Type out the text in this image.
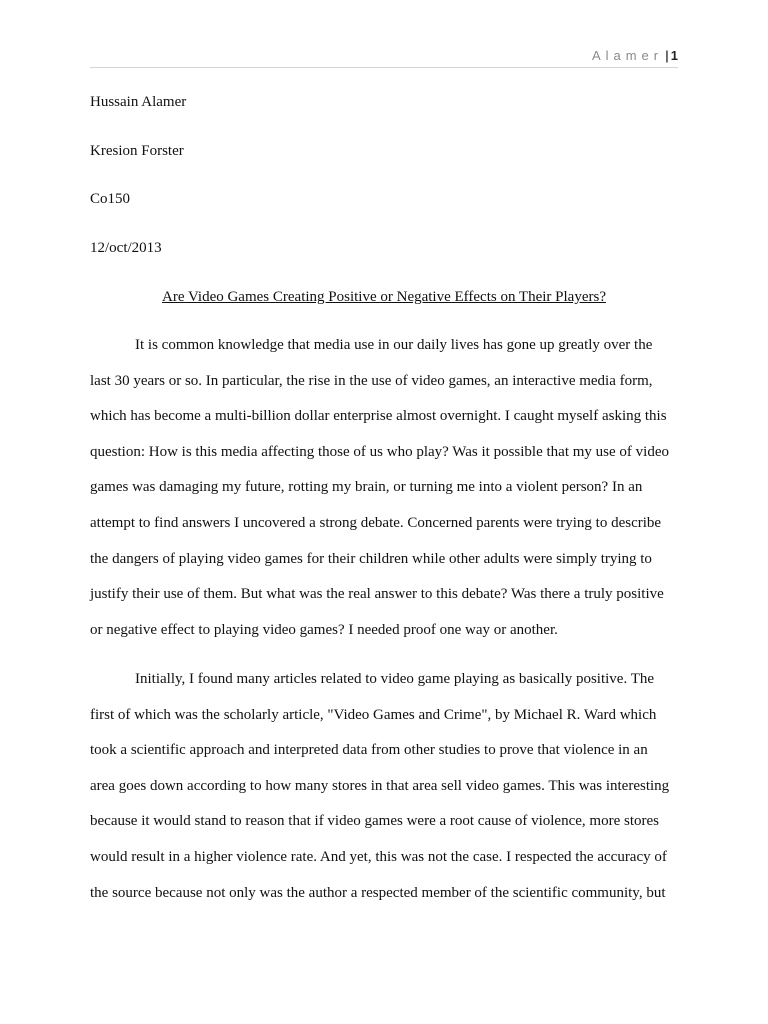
Alamer | 1

Hussain Alamer

Kresion Forster

Co150

12/oct/2013

Are Video Games Creating Positive or Negative Effects on Their Players?

It is common knowledge that media use in our daily lives has gone up greatly over the
last 30 years or so. In particular, the rise in the use of video games, an interactive media form,
which has become a multi-billion dollar enterprise almost overnight. I caught myself asking this
question: How is this media affecting those of us who play? Was it possible that my use of video
games was damaging my future, rotting my brain, or turning me into a violent person? In an
attempt to find answers I uncovered a strong debate. Concerned parents were trying to describe
the dangers of playing video games for their children while other adults were simply trying to
justify their use of them. But what was the real answer to this debate? Was there a truly positive
or negative effect to playing video games? I needed proof one way or another.
Initially, I found many articles related to video game playing as basically positive. The
first of which was the scholarly article, "Video Games and Crime", by Michael R. Ward which
took a scientific approach and interpreted data from other studies to prove that violence in an
area goes down according to how many stores in that area sell video games. This was interesting
because it would stand to reason that if video games were a root cause of violence, more stores
would result in a higher violence rate. And yet, this was not the case. I respected the accuracy of
the source because not only was the author a respected member of the scientific community, but
